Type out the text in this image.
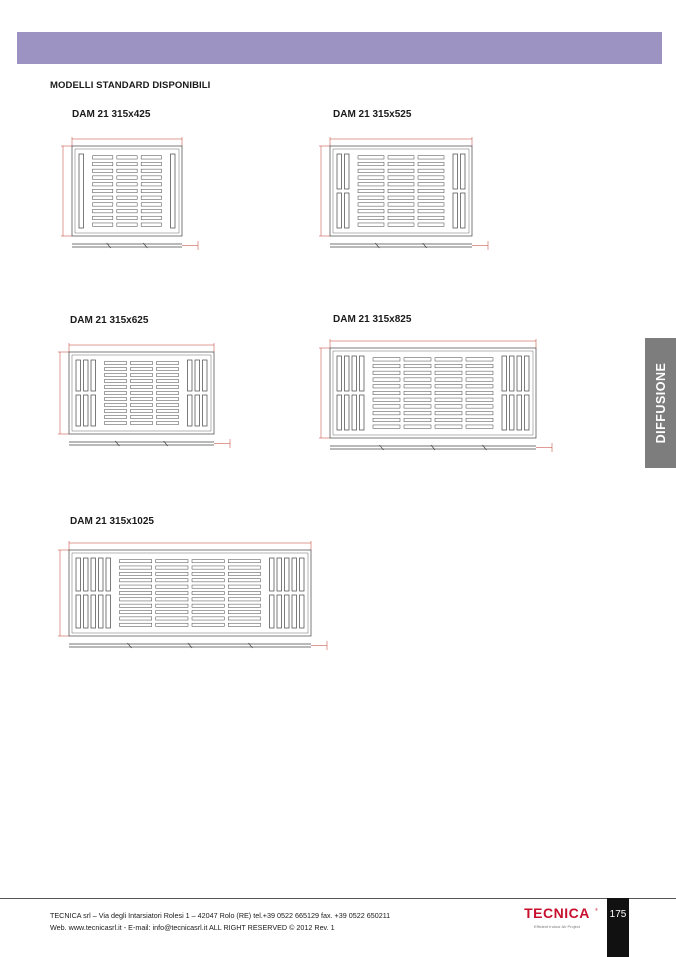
MODELLI STANDARD DISPONIBILI
DAM 21 315x425	DAM 21 315x525
DAM 21 315x625	DAM 21 315x825
DAM 21 315x1025
DIFFUSIONE
TECNICA srl – Via degli Intarsiatori Rolesi 1 – 42047 Rolo (RE) tel.+39 0522 665129 fax. +39 0522 650211
Web. www.tecnicasrl.it - E-mail: info@tecnicasrl.it ALL RIGHT RESERVED © 2012 Rev. 1
TECNICA	®
Efficient Indoor Air Project
175
